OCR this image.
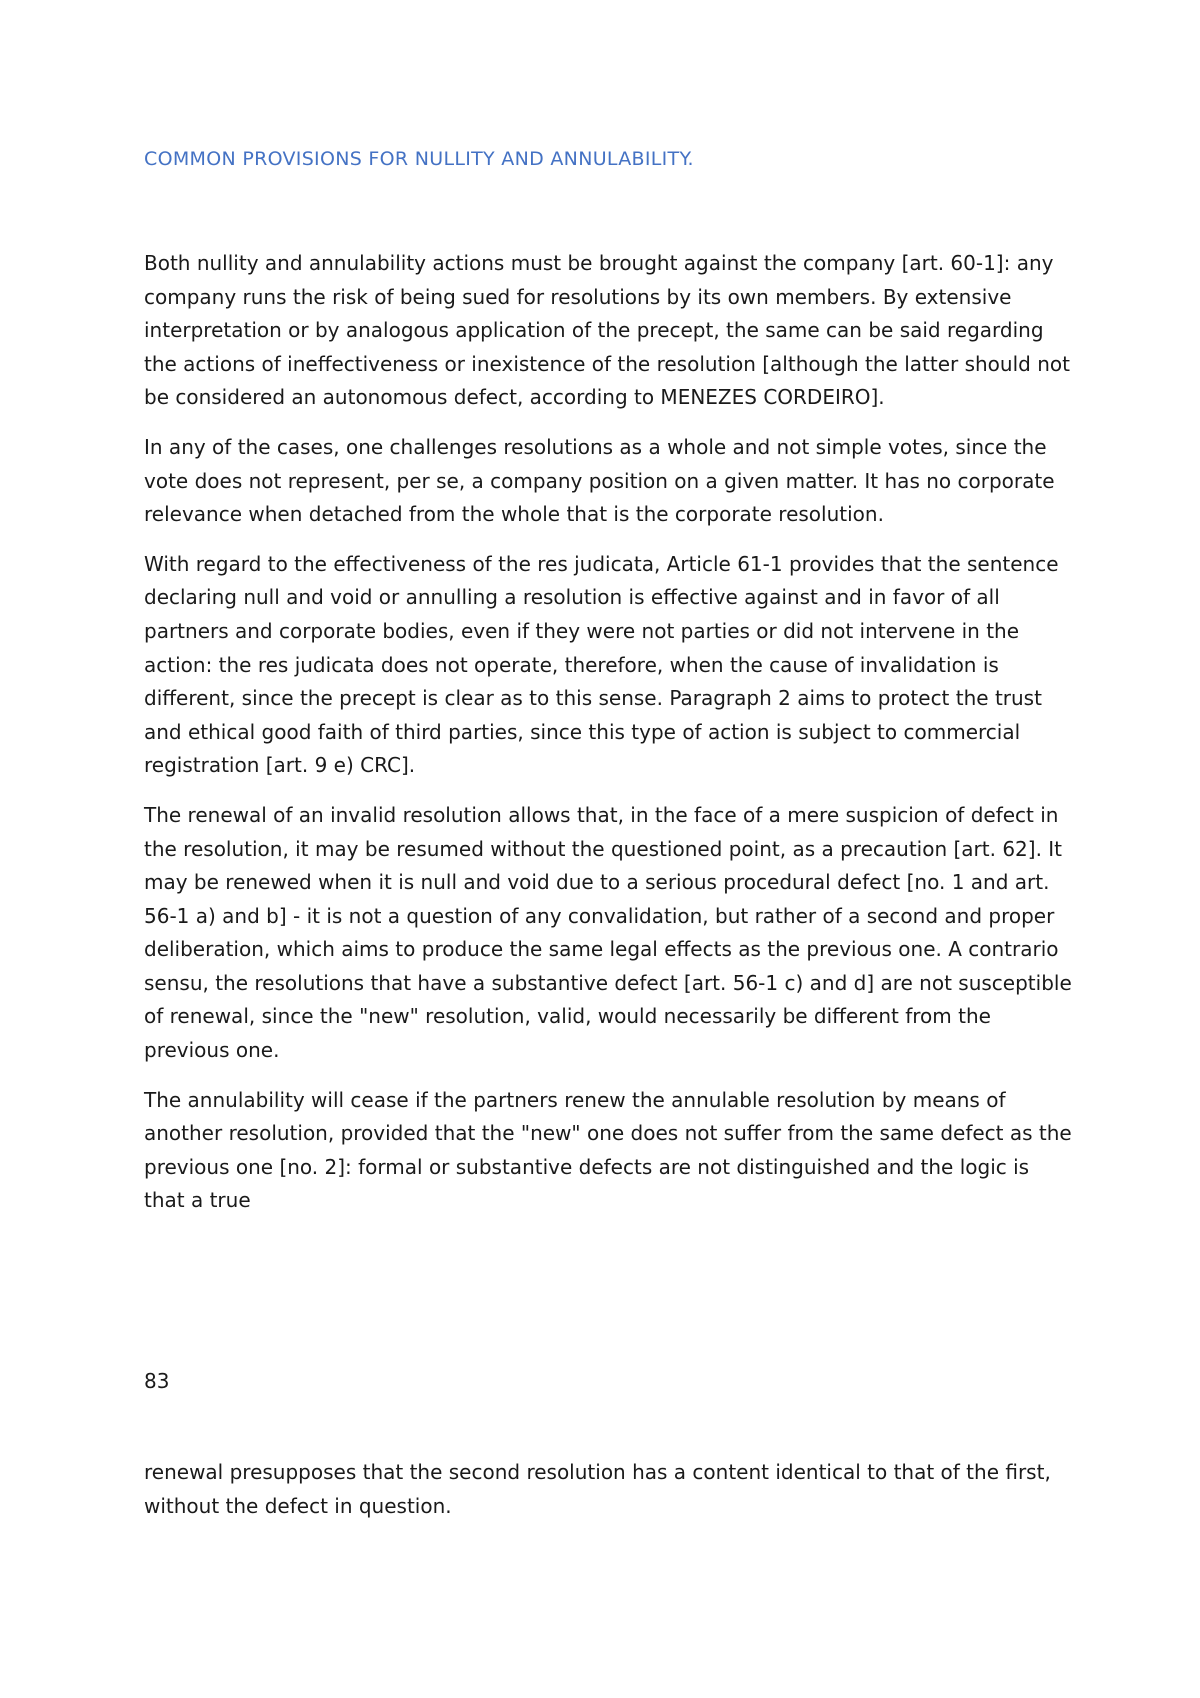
COMMON PROVISIONS FOR NULLITY AND ANNULABILITY.

Both nullity and annulability actions must be brought against the company [art. 60-1]: any company runs the risk of being sued for resolutions by its own members. By extensive interpretation or by analogous application of the precept, the same can be said regarding the actions of ineffectiveness or inexistence of the resolution [although the latter should not be considered an autonomous defect, according to MENEZES CORDEIRO].

In any of the cases, one challenges resolutions as a whole and not simple votes, since the vote does not represent, per se, a company position on a given matter. It has no corporate relevance when detached from the whole that is the corporate resolution.

With regard to the effectiveness of the res judicata, Article 61-1 provides that the sentence declaring null and void or annulling a resolution is effective against and in favor of all partners and corporate bodies, even if they were not parties or did not intervene in the action: the res judicata does not operate, therefore, when the cause of invalidation is different, since the precept is clear as to this sense. Paragraph 2 aims to protect the trust and ethical good faith of third parties, since this type of action is subject to commercial registration [art. 9 e) CRC].

The renewal of an invalid resolution allows that, in the face of a mere suspicion of defect in the resolution, it may be resumed without the questioned point, as a precaution [art. 62]. It may be renewed when it is null and void due to a serious procedural defect [no. 1 and art. 56-1 a) and b] - it is not a question of any convalidation, but rather of a second and proper deliberation, which aims to produce the same legal effects as the previous one. A contrario sensu, the resolutions that have a substantive defect [art. 56-1 c) and d] are not susceptible of renewal, since the "new" resolution, valid, would necessarily be different from the previous one.

The annulability will cease if the partners renew the annulable resolution by means of another resolution, provided that the "new" one does not suffer from the same defect as the previous one [no. 2]: formal or substantive defects are not distinguished and the logic is that a true

83

renewal presupposes that the second resolution has a content identical to that of the first, without the defect in question.
